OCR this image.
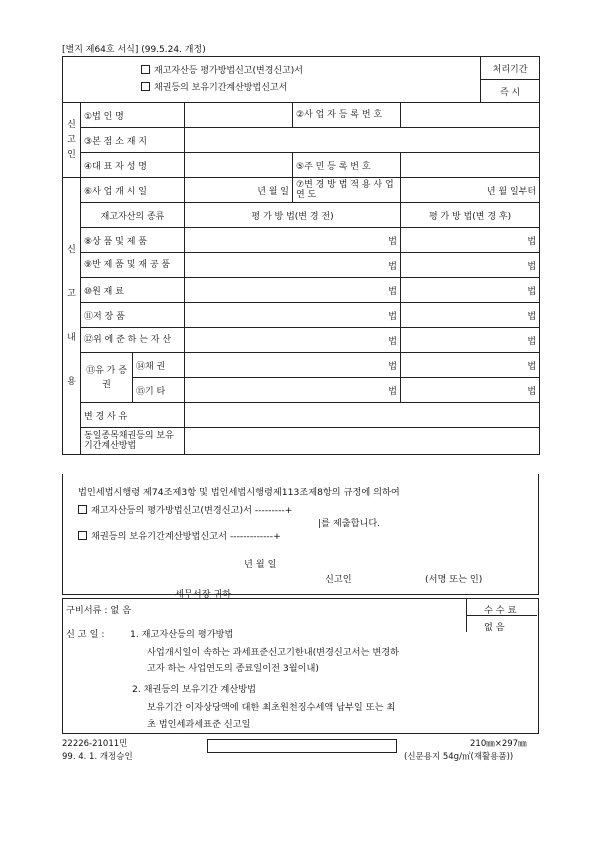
[별지 제64호 서식] (99.5.24. 개정)
재고자산등 평가방법신고(변경신고)서
채권등의 보유기간계산방법신고서						처리기간
						즉 시
신고인	①법 인 명			②사 업 자 등 록 번 호		
	③본 점 소 재 지					
	④대 표 자 성 명			⑤주 민 등 록 번 호		
신고내용	⑥사 업 개 시 일		년 월 일	⑦변 경 방 법 적 용 사 업 연 도	년 월 일부터	
	재고자산의 종류		평 가 방 법(변 경 전)		평 가 방 법(변 경 후)	
	⑧상 품 및 제 품		법		법	
	⑨반 제 품 및 재 공 품		법		법	
	⑩원 재 료		법		법	
	⑪저 장 품		법		법	
	⑫위 에 준 하 는 자 산		법		법	
	⑬유 가 증 권	⑭채 권	법		법	
		⑮기 타	법		법	
	변 경 사 유					
	동일종목채권등의 보유기간계산방법					
법인세법시행령 제74조제3항 및 법인세법시행령제113조제8항의 규정에 의하여
재고자산등의 평가방법신고(변경신고)서 ---------+
|를 제출합니다.
채권등의 보유기간계산방법신고서 -------------+
년 월 일
신고인	(서명 또는 인)
세무서장 귀하
구비서류 : 없 음	수 수 료
없 음
신 고 일 :	1. 재고자산등의 평가방법
사업개시일이 속하는 과세표준신고기한내(변경신고서는 변경하
고자 하는 사업연도의 종료일이전 3월이내)
2. 채권등의 보유기간 계산방법
보유기간 이자상당액에 대한 최초원천징수세액 납부일 또는 최
초 법인세과세표준 신고일
22226-21011민
99. 4. 1. 개정승인
210㎜×297㎜
(신문용지 54g/㎡(재활용품))
